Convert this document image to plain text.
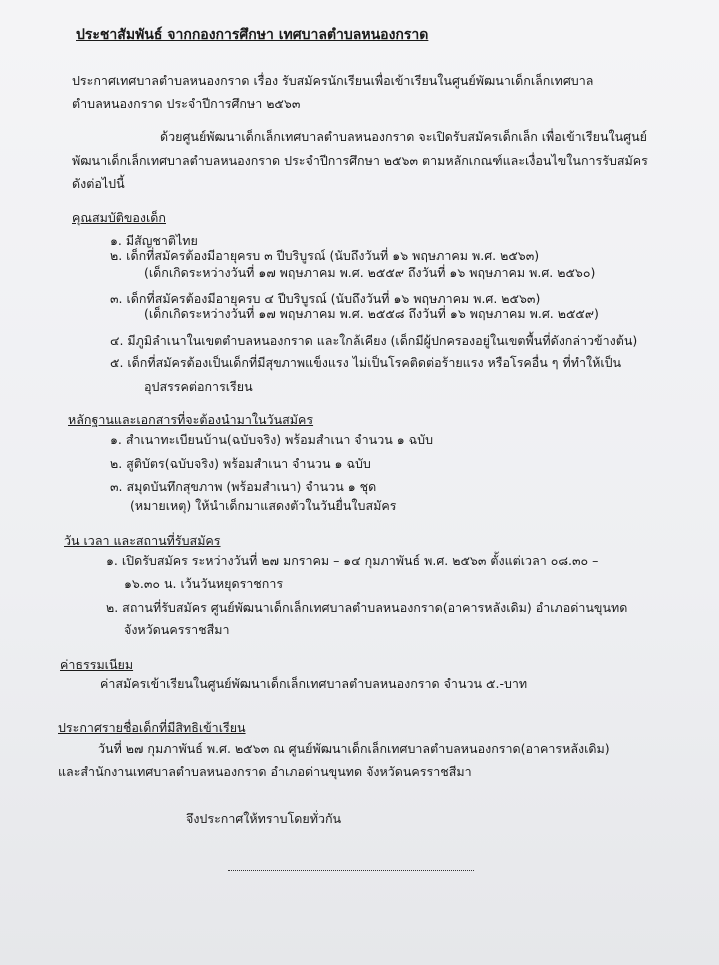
ประชาสัมพันธ์ จากกองการศึกษา เทศบาลตำบลหนองกราด
ประกาศเทศบาลตำบลหนองกราด เรื่อง รับสมัครนักเรียนเพื่อเข้าเรียนในศูนย์พัฒนาเด็กเล็กเทศบาล
ตำบลหนองกราด ประจำปีการศึกษา ๒๕๖๓
ด้วยศูนย์พัฒนาเด็กเล็กเทศบาลตำบลหนองกราด จะเปิดรับสมัครเด็กเล็ก เพื่อเข้าเรียนในศูนย์
พัฒนาเด็กเล็กเทศบาลตำบลหนองกราด ประจำปีการศึกษา ๒๕๖๓ ตามหลักเกณฑ์และเงื่อนไขในการรับสมัคร
ดังต่อไปนี้
คุณสมบัติของเด็ก
๑. มีสัญชาติไทย
๒. เด็กที่สมัครต้องมีอายุครบ ๓ ปีบริบูรณ์ (นับถึงวันที่ ๑๖ พฤษภาคม พ.ศ. ๒๕๖๓)
(เด็กเกิดระหว่างวันที่ ๑๗ พฤษภาคม พ.ศ. ๒๕๕๙ ถึงวันที่ ๑๖ พฤษภาคม พ.ศ. ๒๕๖๐)
๓. เด็กที่สมัครต้องมีอายุครบ ๔ ปีบริบูรณ์ (นับถึงวันที่ ๑๖ พฤษภาคม พ.ศ. ๒๕๖๓)
(เด็กเกิดระหว่างวันที่ ๑๗ พฤษภาคม พ.ศ. ๒๕๕๘ ถึงวันที่ ๑๖ พฤษภาคม พ.ศ. ๒๕๕๙)
๔. มีภูมิลำเนาในเขตตำบลหนองกราด และใกล้เคียง (เด็กมีผู้ปกครองอยู่ในเขตพื้นที่ดังกล่าวข้างต้น)
๕. เด็กที่สมัครต้องเป็นเด็กที่มีสุขภาพแข็งแรง ไม่เป็นโรคติดต่อร้ายแรง หรือโรคอื่น ๆ ที่ทำให้เป็น
อุปสรรคต่อการเรียน
หลักฐานและเอกสารที่จะต้องนำมาในวันสมัคร
๑. สำเนาทะเบียนบ้าน(ฉบับจริง) พร้อมสำเนา จำนวน ๑ ฉบับ
๒. สูติบัตร(ฉบับจริง) พร้อมสำเนา จำนวน ๑ ฉบับ
๓. สมุดบันทึกสุขภาพ (พร้อมสำเนา) จำนวน ๑ ชุด
(หมายเหตุ) ให้นำเด็กมาแสดงตัวในวันยื่นใบสมัคร
วัน เวลา และสถานที่รับสมัคร
๑. เปิดรับสมัคร ระหว่างวันที่ ๒๗ มกราคม – ๑๔ กุมภาพันธ์ พ.ศ. ๒๕๖๓ ตั้งแต่เวลา ๐๘.๓๐ –
๑๖.๓๐ น. เว้นวันหยุดราชการ
๒. สถานที่รับสมัคร ศูนย์พัฒนาเด็กเล็กเทศบาลตำบลหนองกราด(อาคารหลังเดิม) อำเภอด่านขุนทด
จังหวัดนครราชสีมา
ค่าธรรมเนียม
ค่าสมัครเข้าเรียนในศูนย์พัฒนาเด็กเล็กเทศบาลตำบลหนองกราด จำนวน ๕.-บาท
ประกาศรายชื่อเด็กที่มีสิทธิเข้าเรียน
วันที่ ๒๗ กุมภาพันธ์ พ.ศ. ๒๕๖๓ ณ ศูนย์พัฒนาเด็กเล็กเทศบาลตำบลหนองกราด(อาคารหลังเดิม)
และสำนักงานเทศบาลตำบลหนองกราด อำเภอด่านขุนทด จังหวัดนครราชสีมา
จึงประกาศให้ทราบโดยทั่วกัน
